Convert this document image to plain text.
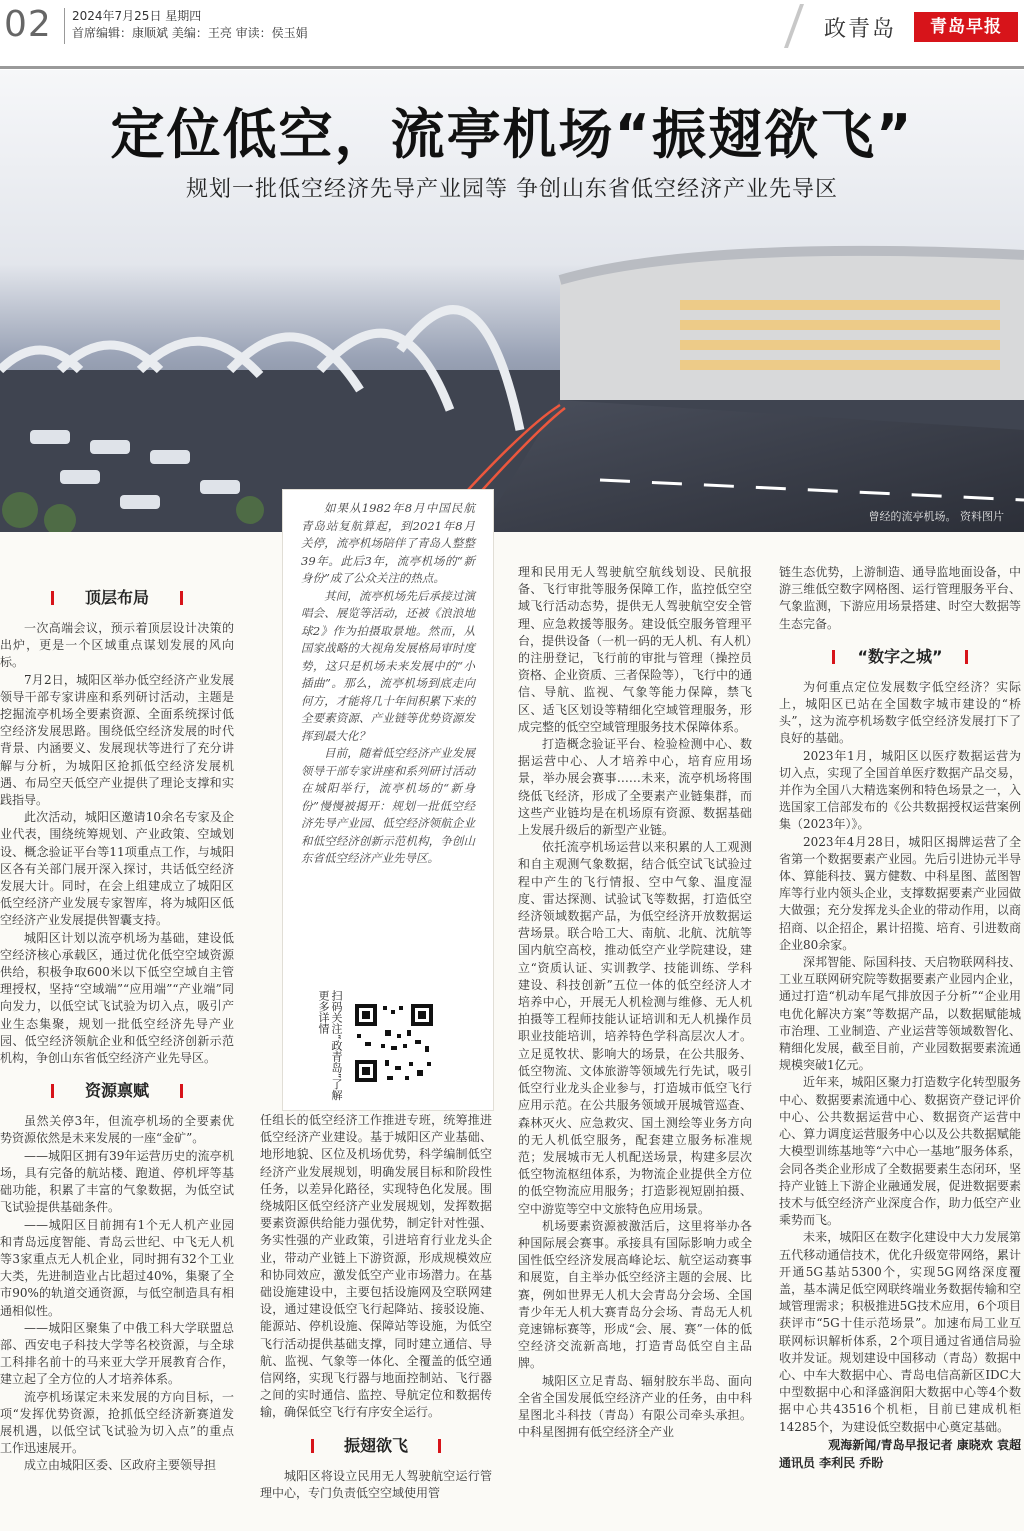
02 2024年7月25日 星期四
首席编辑：康顺斌 美编：王亮 审读：侯玉娟	政青岛	青岛早报
定位低空，流亭机场“振翅欲飞”
规划一批低空经济先导产业园等 争创山东省低空经济产业先导区
曾经的流亭机场。 资料图片

如果从1982年8月中国民航青岛站复航算起，到2021年8月关停，流亭机场陪伴了青岛人整整39年。此后3年，流亭机场的“新身份”成了公众关注的热点。

其间，流亭机场先后承接过演唱会、展览等活动，还被《浪浪地球2》作为拍摄取景地。然而，从国家战略的大视角发展格局审时度势，这只是机场未来发展中的“小插曲”。那么，流亭机场到底走向何方，才能将几十年间积累下来的全要素资源、产业链等优势资源发挥到最大化？

目前，随着低空经济产业发展领导干部专家讲座和系列研讨活动在城阳举行，流亭机场的“新身份”慢慢被揭开：规划一批低空经济先导产业园、低空经济领航企业和低空经济创新示范机构，争创山东省低空经济产业先导区。

扫码关注“政青岛”了解更多详情
顶层布局

一次高端会议，预示着顶层设计决策的出炉，更是一个区域重点谋划发展的风向标。

7月2日，城阳区举办低空经济产业发展领导干部专家讲座和系列研讨活动，主题是挖掘流亭机场全要素资源、全面系统探讨低空经济发展思路。围绕低空经济发展的时代背景、内涵要义、发展现状等进行了充分讲解与分析，为城阳区抢抓低空经济发展机遇、布局空天低空产业提供了理论支撑和实践指导。

此次活动，城阳区邀请10余名专家及企业代表，围绕统筹规划、产业政策、空域划设、概念验证平台等11项重点工作，与城阳区各有关部门展开深入探讨，共话低空经济发展大计。同时，在会上组建成立了城阳区低空经济产业发展专家智库，将为城阳区低空经济产业发展提供智囊支持。

城阳区计划以流亭机场为基础，建设低空经济核心承载区，通过优化低空空域资源供给，积极争取600米以下低空空域自主管理授权，坚持“空域端”“应用端”“产业端”同向发力，以低空试飞试验为切入点，吸引产业生态集聚，规划一批低空经济先导产业园、低空经济领航企业和低空经济创新示范机构，争创山东省低空经济产业先导区。

资源禀赋

虽然关停3年，但流亭机场的全要素优势资源依然是未来发展的一座“金矿”。

——城阳区拥有39年运营历史的流亭机场，具有完备的航站楼、跑道、停机坪等基础功能，积累了丰富的气象数据，为低空试飞试验提供基础条件。

——城阳区目前拥有1个无人机产业园和青岛远度智能、青岛云世纪、中飞无人机等3家重点无人机企业，同时拥有32个工业大类，先进制造业占比超过40%，集聚了全市90%的轨道交通资源，与低空制造具有相通相似性。

——城阳区聚集了中俄工科大学联盟总部、西安电子科技大学等名校资源，与全球工科排名前十的马来亚大学开展教育合作，建立起了全方位的人才培养体系。

流亭机场谋定未来发展的方向目标，一项“发挥优势资源，抢抓低空经济新赛道发展机遇，以低空试飞试验为切入点”的重点工作迅速展开。

成立由城阳区委、区政府主要领导担

任组长的低空经济工作推进专班，统筹推进低空经济产业建设。基于城阳区产业基础、地形地貌、区位及机场优势，科学编制低空经济产业发展规划，明确发展目标和阶段性任务，以差异化路径，实现特色化发展。围绕城阳区低空经济产业发展规划，发挥数据要素资源供给能力强优势，制定针对性强、务实性强的产业政策，引进培育行业龙头企业，带动产业链上下游资源，形成规模效应和协同效应，激发低空产业市场潜力。在基础设施建设中，主要包括设施网及空联网建设，通过建设低空飞行起降站、接驳设施、能源站、停机设施、保障站等设施，为低空飞行活动提供基础支撑，同时建立通信、导航、监视、气象等一体化、全覆盖的低空通信网络，实现飞行器与地面控制站、飞行器之间的实时通信、监控、导航定位和数据传输，确保低空飞行有序安全运行。

振翅欲飞

城阳区将设立民用无人驾驶航空运行管理中心，专门负责低空空域使用管

理和民用无人驾驶航空航线划设、民航报备、飞行审批等服务保障工作，监控低空空域飞行活动态势，提供无人驾驶航空安全管理、应急救援等服务。建设低空服务管理平台，提供设备（一机一码的无人机、有人机）的注册登记，飞行前的审批与管理（操控员资格、企业资质、三者保险等），飞行中的通信、导航、监视、气象等能力保障，禁飞区、适飞区划设等精细化空域管理服务，形成完整的低空空域管理服务技术保障体系。

打造概念验证平台、检验检测中心、数据运营中心、人才培养中心，培育应用场景，举办展会赛事……未来，流亭机场将围绕低飞经济，形成了全要素产业链集群，而这些产业链均是在机场原有资源、数据基础上发展升级后的新型产业链。

依托流亭机场运营以来积累的人工观测和自主观测气象数据，结合低空试飞试验过程中产生的飞行情报、空中气象、温度湿度、雷达探测、试验试飞等数据，打造低空经济领域数据产品，为低空经济开放数据运营场景。联合哈工大、南航、北航、沈航等国内航空高校，推动低空产业学院建设，建立“资质认证、实训教学、技能训练、学科建设、科技创新”五位一体的低空经济人才培养中心，开展无人机检测与维修、无人机拍摄等工程师技能认证培训和无人机操作员职业技能培训，培养特色学科高层次人才。立足觅牧状、影响大的场景，在公共服务、低空物流、文体旅游等领域先行先试，吸引低空行业龙头企业参与，打造城市低空飞行应用示范。在公共服务领域开展城管巡查、森林灭火、应急救灾、国土测绘等业务方向的无人机低空服务，配套建立服务标准规范；发展城市无人机配送场景，构建多层次低空物流枢纽体系，为物流企业提供全方位的低空物流应用服务；打造影视短剧拍摄、空中游览等空中文旅特色应用场景。

机场要素资源被激活后，这里将举办各种国际展会赛事。承接具有国际影响力或全国性低空经济发展高峰论坛、航空运动赛事和展览，自主举办低空经济主题的会展、比赛，例如世界无人机大会青岛分会场、全国青少年无人机大赛青岛分会场、青岛无人机竞速锦标赛等，形成“会、展、赛”一体的低空经济交流新高地，打造青岛低空自主品牌。

城阳区立足青岛、辐射胶东半岛、面向全省全国发展低空经济产业的任务，由中科星图北斗科技（青岛）有限公司牵头承担。中科星图拥有低空经济全产业

链生态优势，上游制造、通导监地面设备，中游三维低空数字网格图、运行管理服务平台、气象监测，下游应用场景搭建、时空大数据等生态完备。

“数字之城”

为何重点定位发展数字低空经济？实际上，城阳区已站在全国数字城市建设的“桥头”，这为流亭机场数字低空经济发展打下了良好的基础。

2023年1月，城阳区以医疗数据运营为切入点，实现了全国首单医疗数据产品交易，并作为全国八大精选案例和特色场景之一，入选国家工信部发布的《公共数据授权运营案例集（2023年）》。

2023年4月28日，城阳区揭牌运营了全省第一个数据要素产业园。先后引进协元半导体、算能科技、翼方健数、中科星图、蓝图智库等行业内领头企业，支撑数据要素产业园做大做强；充分发挥龙头企业的带动作用，以商招商、以企招企，累计招揽、培育、引进数商企业80余家。

深邦智能、际国科技、天启物联网科技、工业互联网研究院等数据要素产业园内企业，通过打造“机动车尾气排放因子分析”“企业用电优化解决方案”等数据产品，以数据赋能城市治理、工业制造、产业运营等领域数智化、精细化发展，截至目前，产业园数据要素流通规模突破1亿元。

近年来，城阳区聚力打造数字化转型服务中心、数据要素流通中心、数据资产登记评价中心、公共数据运营中心、数据资产运营中心、算力调度运营服务中心以及公共数据赋能大模型训练基地等“六中心一基地”服务体系，会同各类企业形成了全数据要素生态闭环，坚持产业链上下游企业融通发展，促进数据要素技术与低空经济产业深度合作，助力低空产业乘势而飞。

未来，城阳区在数字化建设中大力发展第五代移动通信技术，优化升级宽带网络，累计开通5G基站5300个，实现5G网络深度覆盖，基本满足低空网联终端业务数据传输和空域管理需求；积极推进5G技术应用，6个项目获评市“5G十佳示范场景”。加速布局工业互联网标识解析体系，2个项目通过省通信局验收并发证。规划建设中国移动（青岛）数据中心、中车大数据中心、青岛电信高新区IDC大中型数据中心和泽盛润阳大数据中心等4个数据中心共43516个机柜，目前已建成机柜14285个，为建设低空数据中心奠定基础。

观海新闻/青岛早报记者 康晓欢 袁超

通讯员 李利民 乔盼
